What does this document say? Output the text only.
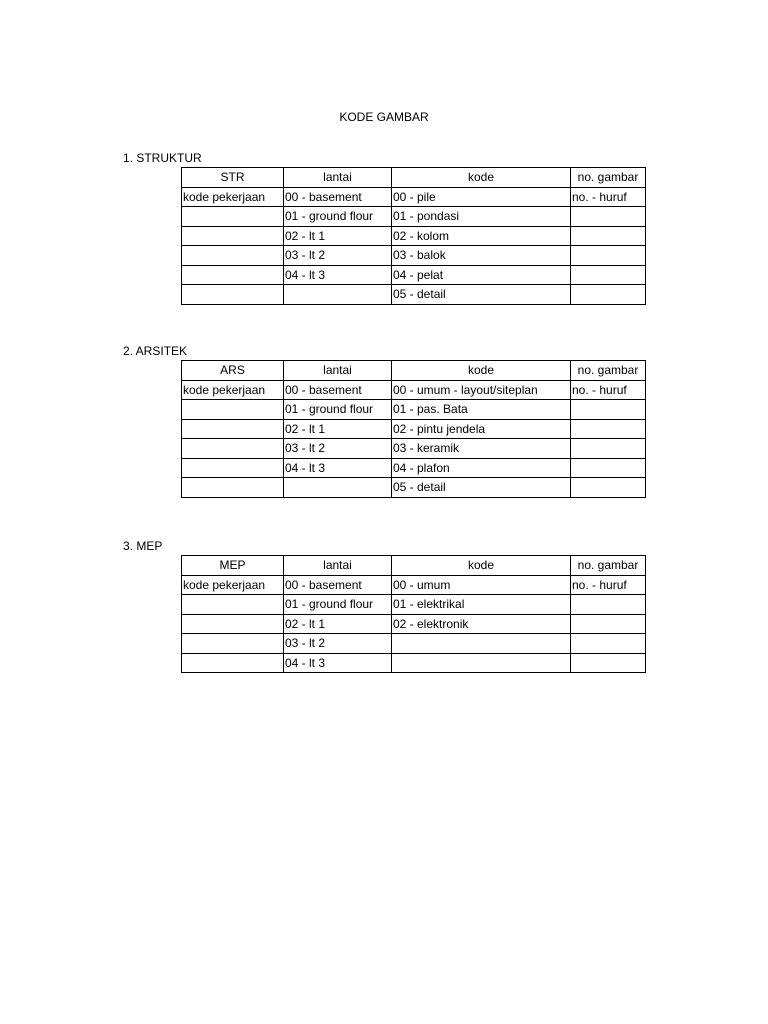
KODE GAMBAR
1. STRUKTUR
STR	lantai	kode	no. gambar
kode pekerjaan	00 - basement	00 - pile	no. - huruf
	01 - ground flour	01 - pondasi	
	02 - lt 1	02 - kolom	
	03 - lt 2	03 - balok	
	04 - lt 3	04 - pelat	
		05 - detail	
2. ARSITEK
ARS	lantai	kode	no. gambar
kode pekerjaan	00 - basement	00 - umum - layout/siteplan	no. - huruf
	01 - ground flour	01 - pas. Bata	
	02 - lt 1	02 - pintu jendela	
	03 - lt 2	03 - keramik	
	04 - lt 3	04 - plafon	
		05 - detail	
3. MEP
MEP	lantai	kode	no. gambar
kode pekerjaan	00 - basement	00 - umum	no. - huruf
	01 - ground flour	01 - elektrikal	
	02 - lt 1	02 - elektronik	
	03 - lt 2		
	04 - lt 3		
